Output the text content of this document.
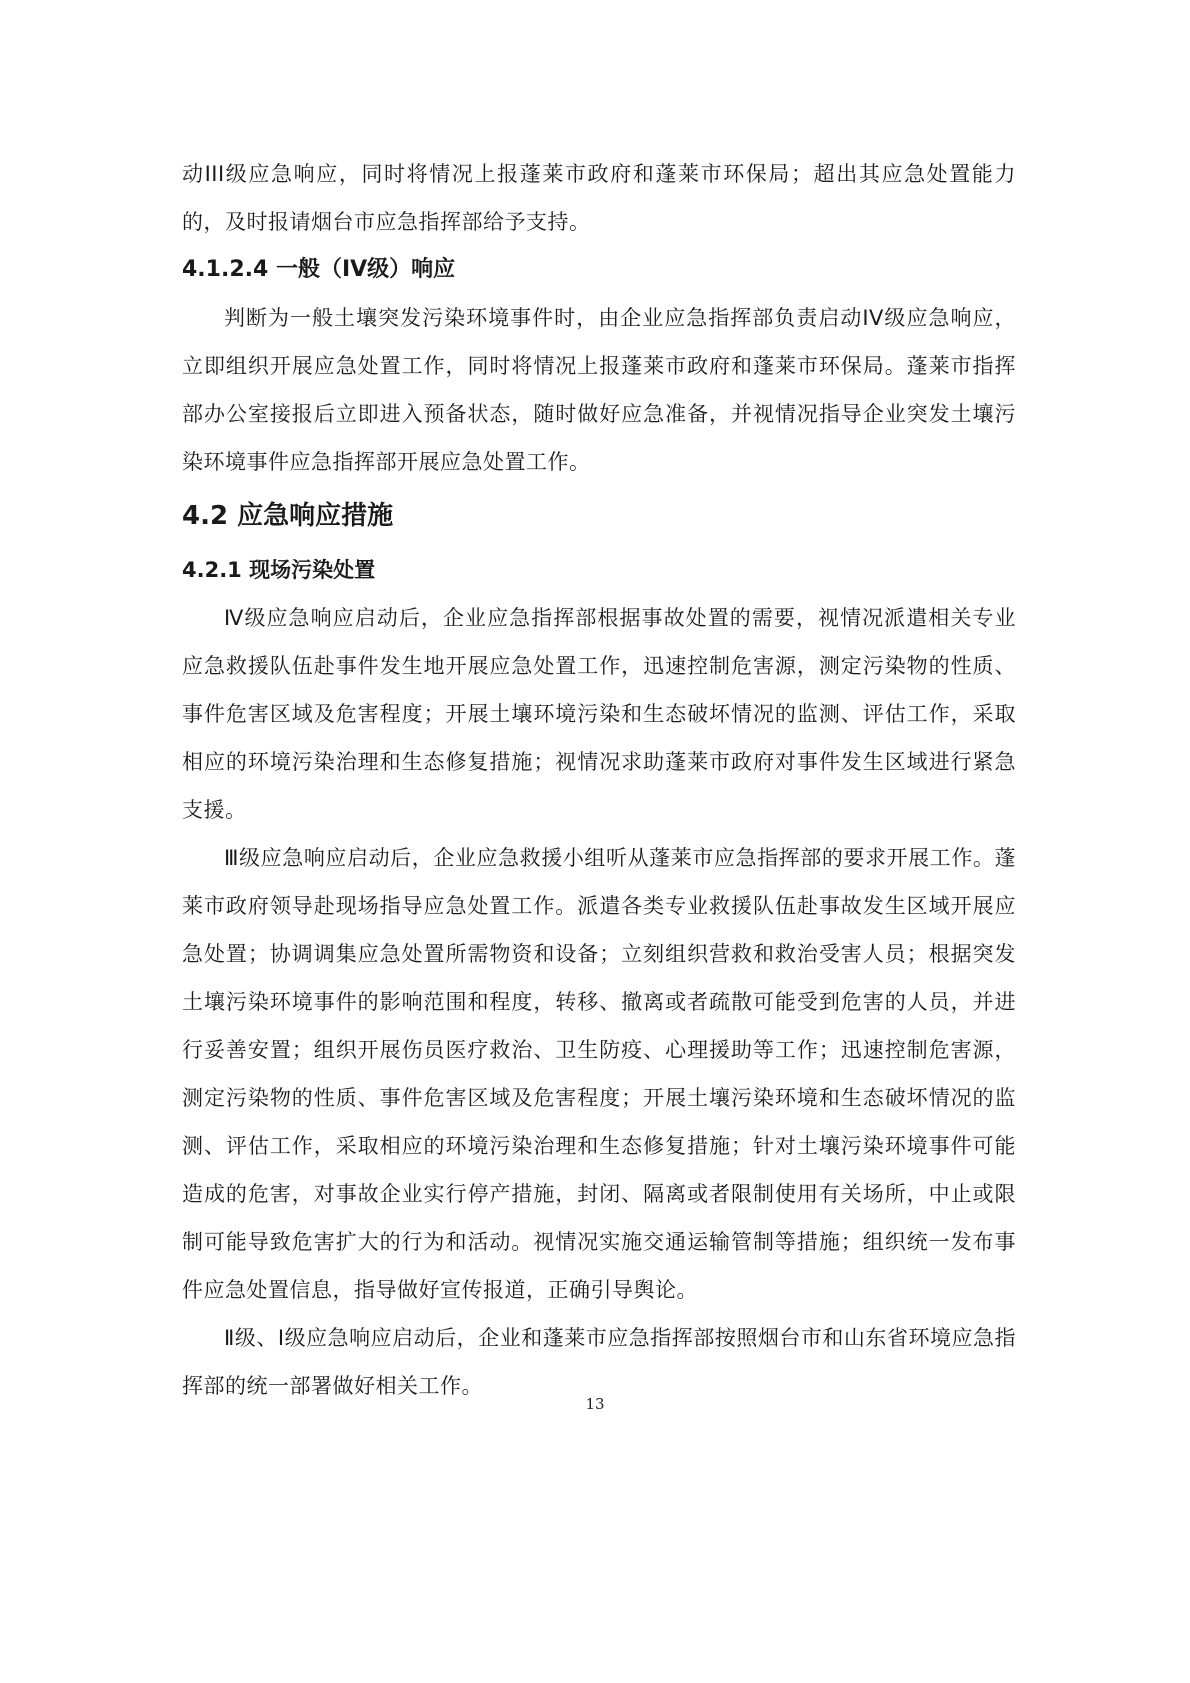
动III级应急响应，同时将情况上报蓬莱市政府和蓬莱市环保局；超出其应急处置能力的，及时报请烟台市应急指挥部给予支持。

4.1.2.4 一般（IV级）响应

判断为一般土壤突发污染环境事件时，由企业应急指挥部负责启动IV级应急响应，立即组织开展应急处置工作，同时将情况上报蓬莱市政府和蓬莱市环保局。蓬莱市指挥部办公室接报后立即进入预备状态，随时做好应急准备，并视情况指导企业突发土壤污染环境事件应急指挥部开展应急处置工作。

4.2 应急响应措施
4.2.1 现场污染处置

Ⅳ级应急响应启动后，企业应急指挥部根据事故处置的需要，视情况派遣相关专业应急救援队伍赴事件发生地开展应急处置工作，迅速控制危害源，测定污染物的性质、事件危害区域及危害程度；开展土壤环境污染和生态破坏情况的监测、评估工作，采取相应的环境污染治理和生态修复措施；视情况求助蓬莱市政府对事件发生区域进行紧急支援。

Ⅲ级应急响应启动后，企业应急救援小组听从蓬莱市应急指挥部的要求开展工作。蓬莱市政府领导赴现场指导应急处置工作。派遣各类专业救援队伍赴事故发生区域开展应急处置；协调调集应急处置所需物资和设备；立刻组织营救和救治受害人员；根据突发土壤污染环境事件的影响范围和程度，转移、撤离或者疏散可能受到危害的人员，并进行妥善安置；组织开展伤员医疗救治、卫生防疫、心理援助等工作；迅速控制危害源，测定污染物的性质、事件危害区域及危害程度；开展土壤污染环境和生态破坏情况的监测、评估工作，采取相应的环境污染治理和生态修复措施；针对土壤污染环境事件可能造成的危害，对事故企业实行停产措施，封闭、隔离或者限制使用有关场所，中止或限制可能导致危害扩大的行为和活动。视情况实施交通运输管制等措施；组织统一发布事件应急处置信息，指导做好宣传报道，正确引导舆论。

Ⅱ级、Ⅰ级应急响应启动后，企业和蓬莱市应急指挥部按照烟台市和山东省环境应急指挥部的统一部署做好相关工作。

13
